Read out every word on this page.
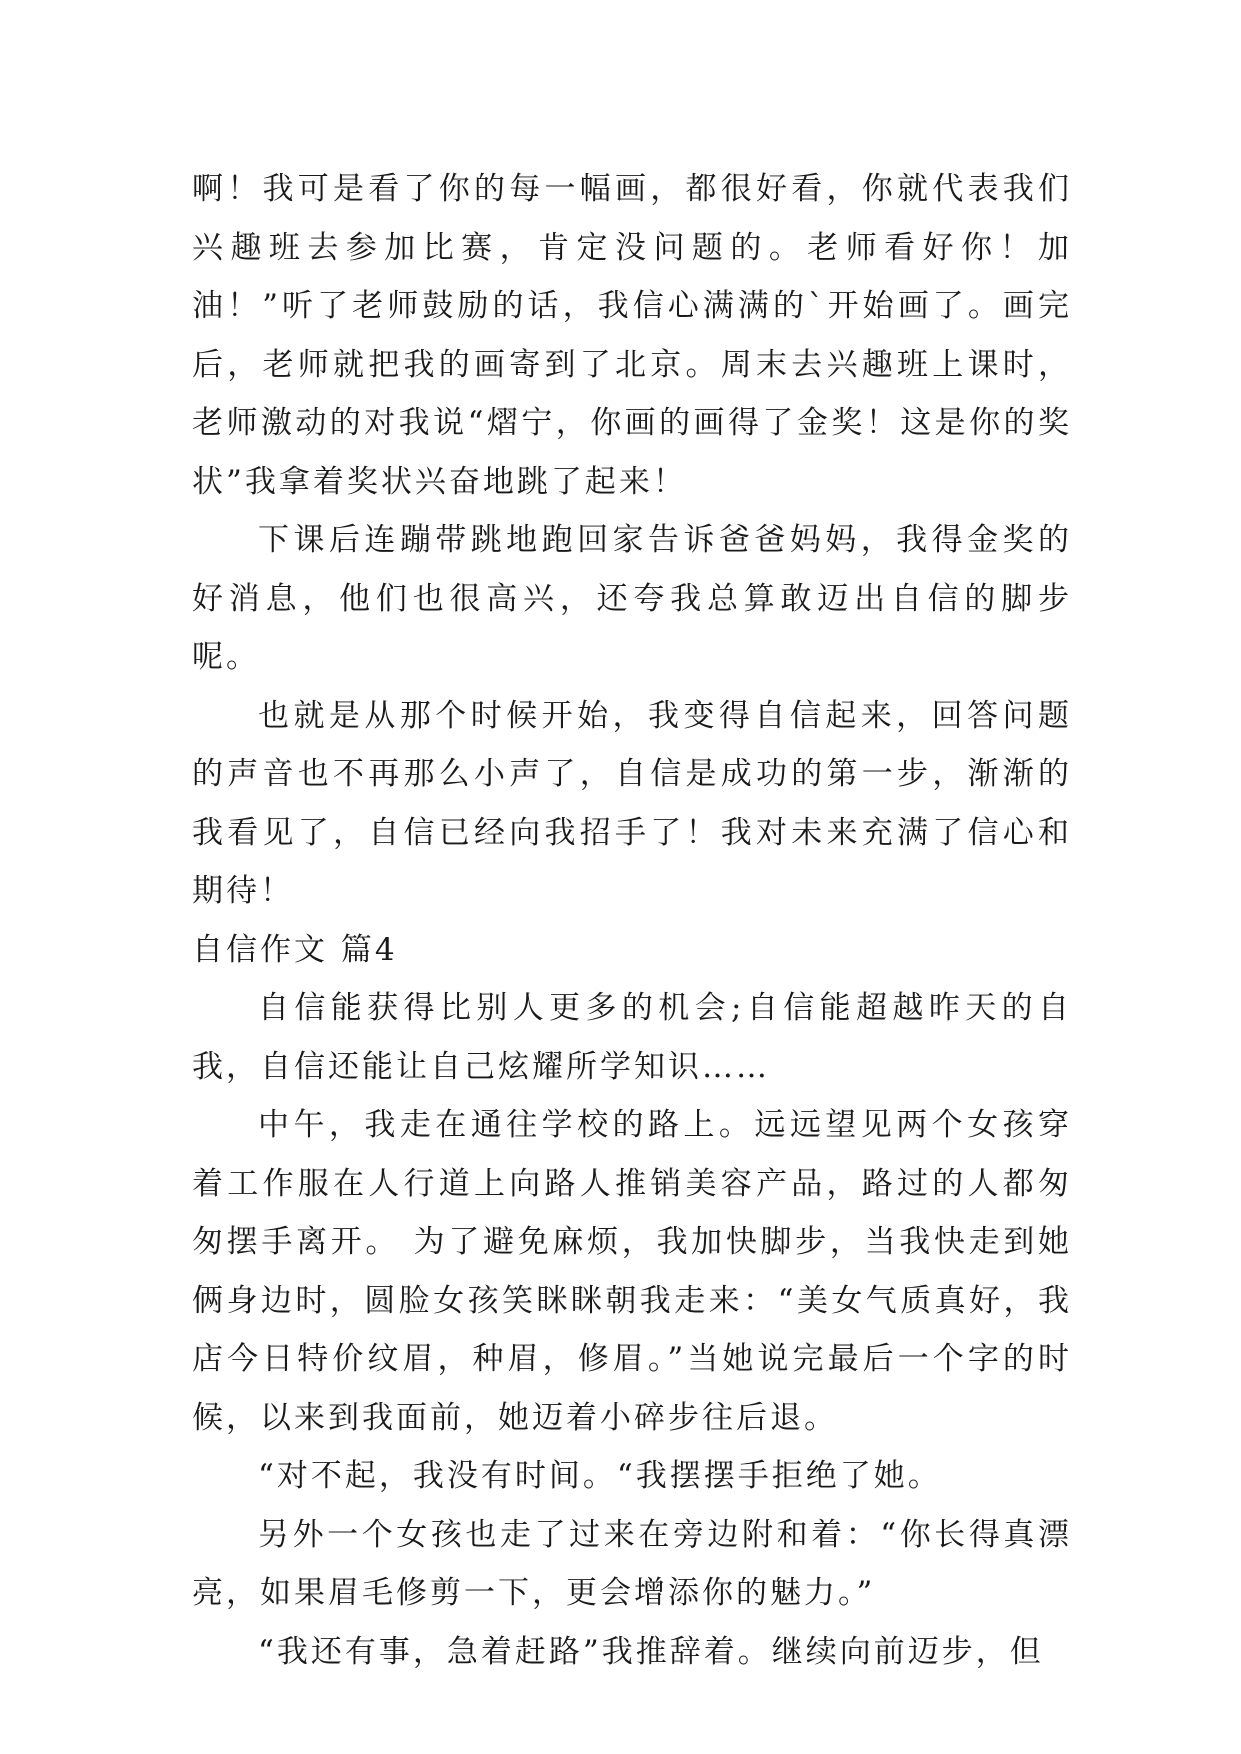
啊！我可是看了你的每一幅画，都很好看，你就代表我们兴趣班去参加比赛，肯定没问题的。老师看好你！加油！”听了老师鼓励的话，我信心满满的`开始画了。画完后，老师就把我的画寄到了北京。周末去兴趣班上课时，老师激动的对我说“熠宁，你画的画得了金奖！这是你的奖状”我拿着奖状兴奋地跳了起来！

下课后连蹦带跳地跑回家告诉爸爸妈妈，我得金奖的好消息，他们也很高兴，还夸我总算敢迈出自信的脚步呢。

也就是从那个时候开始，我变得自信起来，回答问题的声音也不再那么小声了，自信是成功的第一步，渐渐的我看见了，自信已经向我招手了！我对未来充满了信心和期待！

自信作文 篇4

自信能获得比别人更多的机会;自信能超越昨天的自我，自信还能让自己炫耀所学知识……

中午，我走在通往学校的路上。远远望见两个女孩穿着工作服在人行道上向路人推销美容产品，路过的人都匆匆摆手离开。 为了避免麻烦，我加快脚步，当我快走到她俩身边时，圆脸女孩笑眯眯朝我走来：“美女气质真好，我店今日特价纹眉，种眉，修眉。”当她说完最后一个字的时候，以来到我面前，她迈着小碎步往后退。

“对不起，我没有时间。“我摆摆手拒绝了她。

另外一个女孩也走了过来在旁边附和着：“你长得真漂亮，如果眉毛修剪一下，更会增添你的魅力。”

“我还有事，急着赶路”我推辞着。继续向前迈步，但
